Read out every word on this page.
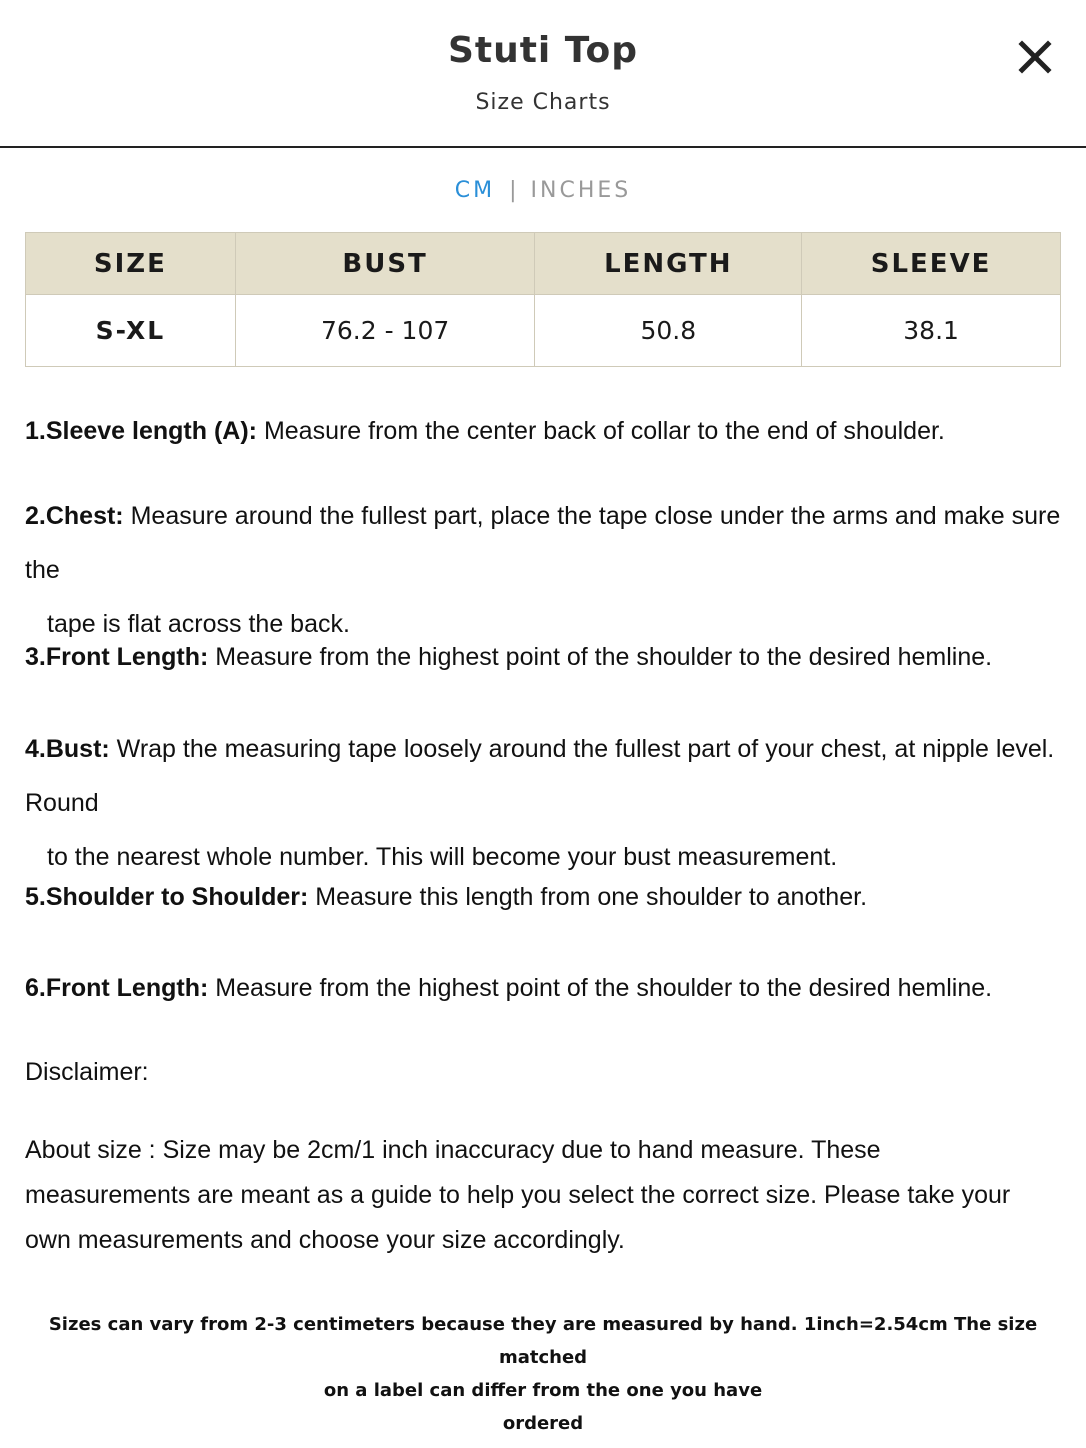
Stuti Top
Size Charts
CM | INCHES
SIZE	BUST	LENGTH	SLEEVE
S-XL	76.2 - 107	50.8	38.1
1.Sleeve length (A): Measure from the center back of collar to the end of shoulder.
2.Chest: Measure around the fullest part, place the tape close under the arms and make sure the
tape is flat across the back.
3.Front Length: Measure from the highest point of the shoulder to the desired hemline.
4.Bust: Wrap the measuring tape loosely around the fullest part of your chest, at nipple level. Round
to the nearest whole number. This will become your bust measurement.
5.Shoulder to Shoulder: Measure this length from one shoulder to another.
6.Front Length: Measure from the highest point of the shoulder to the desired hemline.
Disclaimer:
About size : Size may be 2cm/1 inch inaccuracy due to hand measure. These measurements are meant as a guide to help you select the correct size. Please take your own measurements and choose your size accordingly.
Sizes can vary from 2-3 centimeters because they are measured by hand. 1inch=2.54cm The size matched
on a label can differ from the one you have
ordered
